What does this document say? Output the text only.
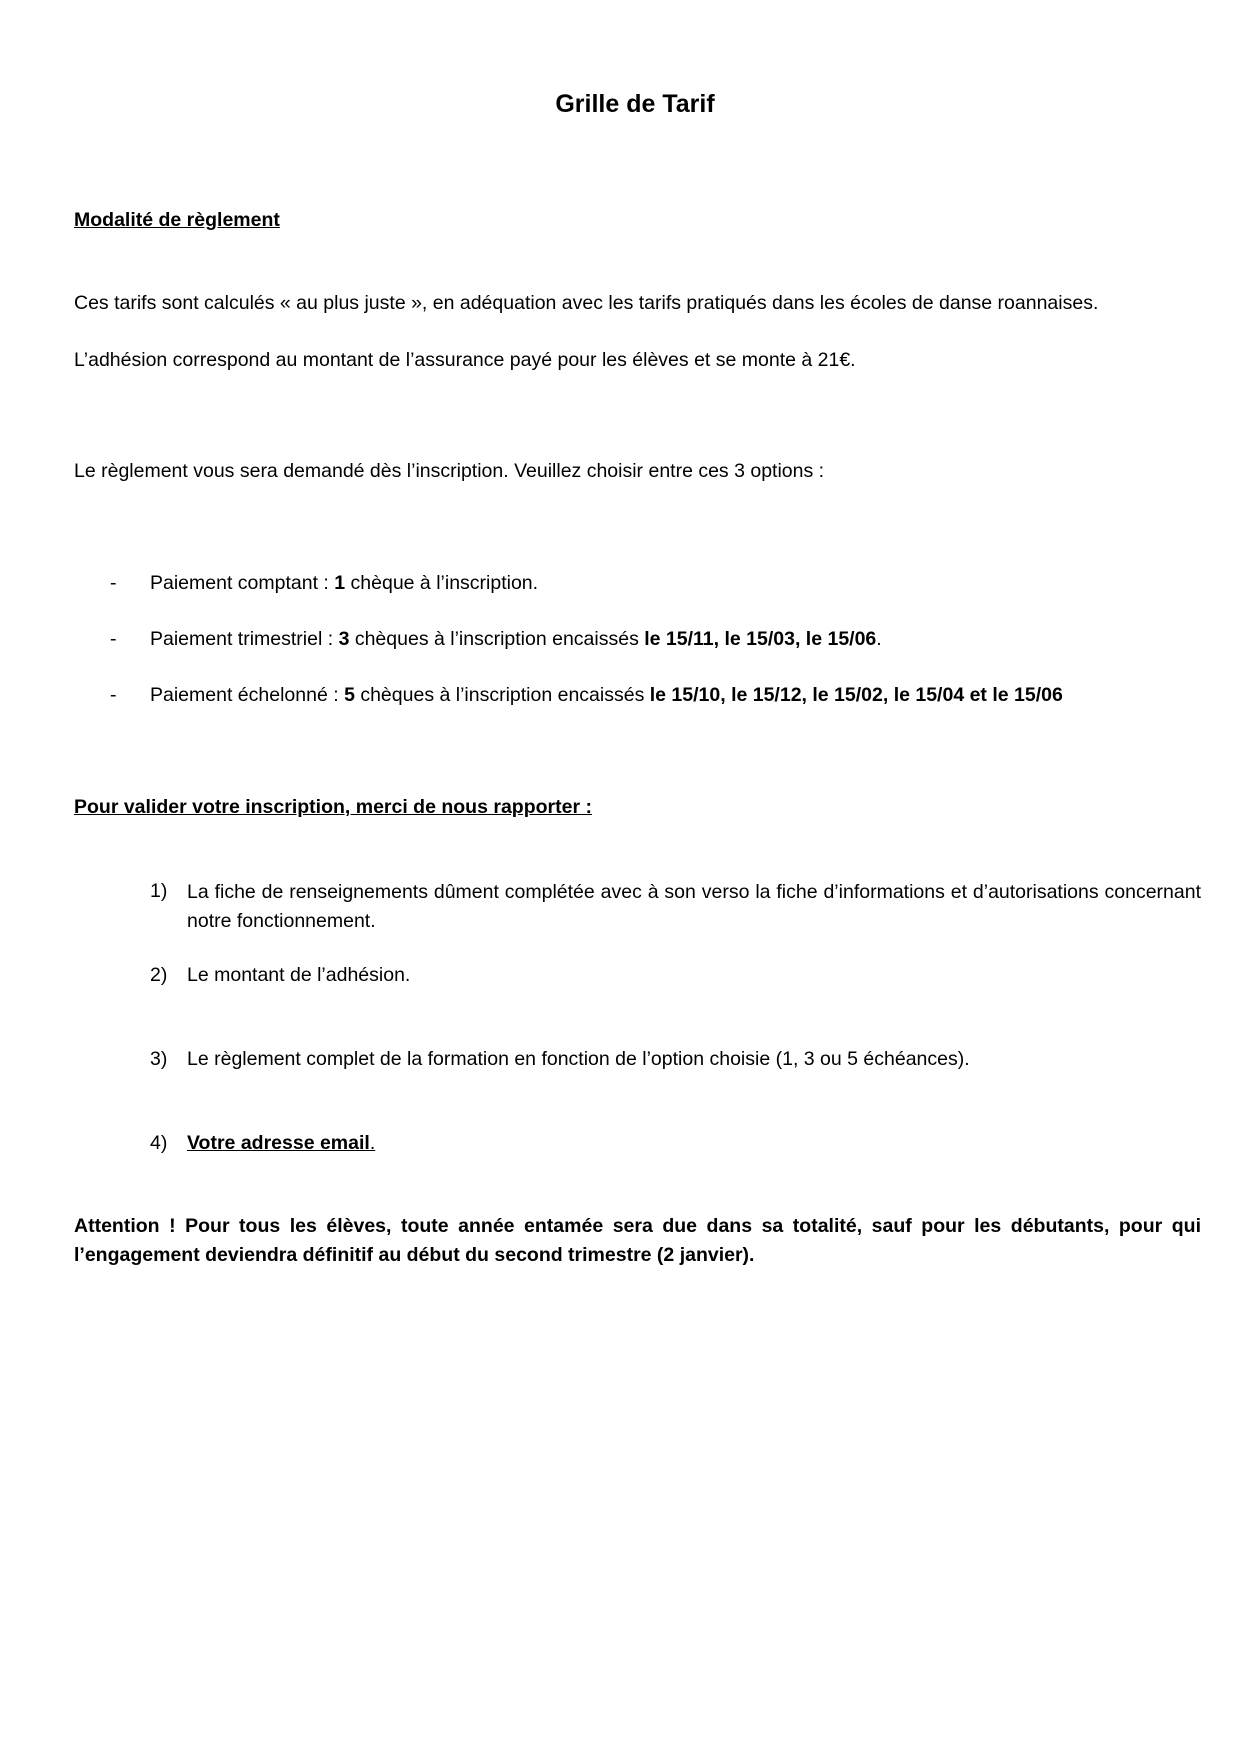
Grille de Tarif
Modalité de règlement
Ces tarifs sont calculés « au plus juste », en adéquation avec les tarifs pratiqués dans les écoles de danse roannaises.
L’adhésion correspond au montant de l’assurance payé pour les élèves et se monte à 21€.
Le règlement vous sera demandé dès l’inscription. Veuillez choisir entre ces 3 options :
- Paiement comptant : 1 chèque à l’inscription.
- Paiement trimestriel : 3 chèques à l’inscription encaissés le 15/11, le 15/03, le 15/06.
- Paiement échelonné : 5 chèques à l’inscription encaissés le 15/10, le 15/12, le 15/02, le 15/04 et le 15/06
Pour valider votre inscription, merci de nous rapporter :
1) La fiche de renseignements dûment complétée avec à son verso la fiche d’informations et d’autorisations concernant notre fonctionnement.
2) Le montant de l’adhésion.
3) Le règlement complet de la formation en fonction de l’option choisie (1, 3 ou 5 échéances).
4) Votre adresse email.
Attention ! Pour tous les élèves, toute année entamée sera due dans sa totalité, sauf pour les débutants, pour qui l’engagement deviendra définitif au début du second trimestre (2 janvier).
